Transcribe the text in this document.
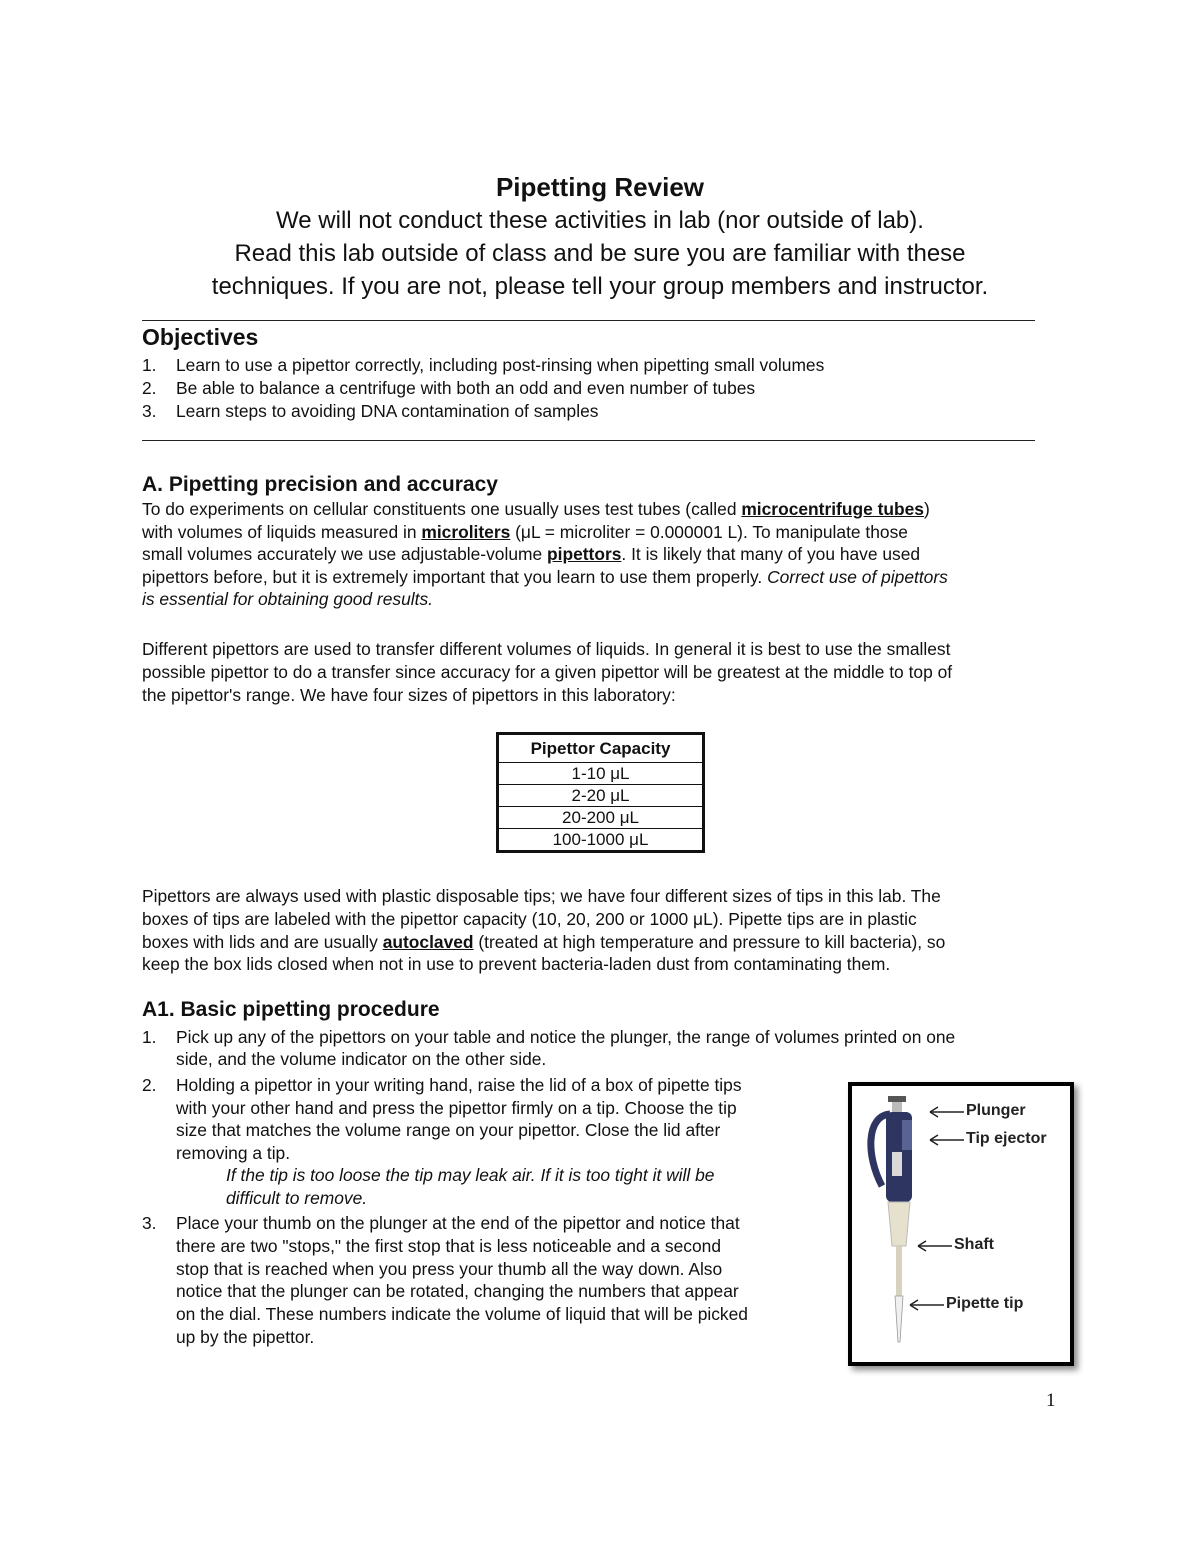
Pipetting Review
We will not conduct these activities in lab (nor outside of lab).
Read this lab outside of class and be sure you are familiar with these
techniques. If you are not, please tell your group members and instructor.
Objectives
1.	Learn to use a pipettor correctly, including post-rinsing when pipetting small volumes
2.	Be able to balance a centrifuge with both an odd and even number of tubes
3.	Learn steps to avoiding DNA contamination of samples
A. Pipetting precision and accuracy
To do experiments on cellular constituents one usually uses test tubes (called microcentrifuge tubes)
with volumes of liquids measured in microliters (μL = microliter = 0.000001 L). To manipulate those
small volumes accurately we use adjustable-volume pipettors. It is likely that many of you have used
pipettors before, but it is extremely important that you learn to use them properly. Correct use of pipettors
is essential for obtaining good results.
Different pipettors are used to transfer different volumes of liquids. In general it is best to use the smallest
possible pipettor to do a transfer since accuracy for a given pipettor will be greatest at the middle to top of
the pipettor's range. We have four sizes of pipettors in this laboratory:
Pipettor Capacity
1-10 μL
2-20 μL
20-200 μL
100-1000 μL
Pipettors are always used with plastic disposable tips; we have four different sizes of tips in this lab. The
boxes of tips are labeled with the pipettor capacity (10, 20, 200 or 1000 μL). Pipette tips are in plastic
boxes with lids and are usually autoclaved (treated at high temperature and pressure to kill bacteria), so
keep the box lids closed when not in use to prevent bacteria-laden dust from contaminating them.
A1. Basic pipetting procedure
1.	Pick up any of the pipettors on your table and notice the plunger, the range of volumes printed on one
side, and the volume indicator on the other side.
2.	Holding a pipettor in your writing hand, raise the lid of a box of pipette tips
with your other hand and press the pipettor firmly on a tip. Choose the tip
size that matches the volume range on your pipettor. Close the lid after
removing a tip.
If the tip is too loose the tip may leak air. If it is too tight it will be
difficult to remove.
3.	Place your thumb on the plunger at the end of the pipettor and notice that
there are two "stops," the first stop that is less noticeable and a second
stop that is reached when you press your thumb all the way down. Also
notice that the plunger can be rotated, changing the numbers that appear
on the dial. These numbers indicate the volume of liquid that will be picked
up by the pipettor.
Plunger
Tip ejector
Shaft
Pipette tip
1
